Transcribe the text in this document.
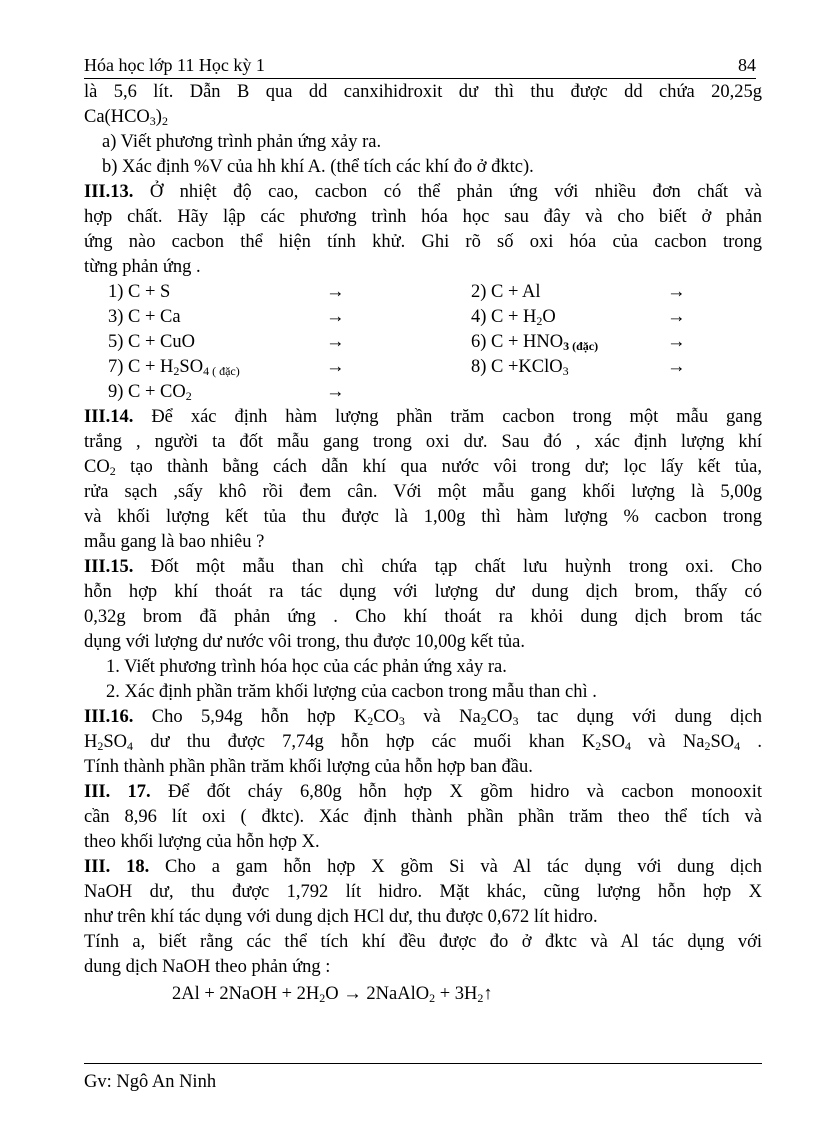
Hóa học lớp 11 Học kỳ 1	84
là 5,6 lít. Dẫn B qua dd canxihidroxit dư thì thu được dd chứa 20,25g
$Ca(HCO_3)_2$

a) Viết phương trình phản ứng xảy ra.

b) Xác định %V của hh khí A. (thể tích các khí đo ở đktc).

III.13. Ở nhiệt độ cao, cacbon có thể phản ứng với nhiều đơn chất và
hợp chất. Hãy lập các phương trình hóa học sau đây và cho biết ở phản
ứng nào cacbon thể hiện tính khử. Ghi rõ số oxi hóa của cacbon trong
từng phản ứng .
1) C + S	→	2) C + Al	→
3) C + Ca	→	4) $C + H_2O$	→
5) C + CuO	→	6) $C + HNO_{3 (đặc)}$	→
7) $C + H_2SO_{4 ( đặc)}$	→	8) C +KClO$_3$	→
9) $C + CO_2$	→
III.14. Để xác định hàm lượng phần trăm cacbon trong một mẫu gang
trắng , người ta đốt mẫu gang trong oxi dư. Sau đó , xác định lượng khí
$CO_2$ tạo thành bằng cách dẫn khí qua nước vôi trong dư; lọc lấy kết tủa,
rửa sạch ,sấy khô rồi đem cân. Với một mẫu gang khối lượng là 5,00g
và khối lượng kết tủa thu được là 1,00g thì hàm lượng % cacbon trong
mẫu gang là bao nhiêu ?
III.15. Đốt một mẫu than chì chứa tạp chất lưu huỳnh trong oxi. Cho
hỗn hợp khí thoát ra tác dụng với lượng dư dung dịch brom, thấy có
0,32g brom đã phản ứng . Cho khí thoát ra khỏi dung dịch brom tác
dụng với lượng dư nước vôi trong, thu được 10,00g kết tủa.

1. Viết phương trình hóa học của các phản ứng xảy ra.

2. Xác định phần trăm khối lượng của cacbon trong mẫu than chì .

III.16. Cho 5,94g hỗn hợp $K_2CO_3$ và $Na_2CO_3$ tac dụng với dung dịch
$H_2SO_4$ dư thu được 7,74g hỗn hợp các muối khan $K_2SO_4$ và $Na_2SO_4$ .
Tính thành phần phần trăm khối lượng của hỗn hợp ban đầu.
III. 17. Để đốt cháy 6,80g hỗn hợp X gồm hidro và cacbon monooxit
cần 8,96 lít oxi ( đktc). Xác định thành phần phần trăm theo thể tích và
theo khối lượng của hỗn hợp X.
III. 18. Cho a gam hỗn hợp X gồm Si và Al tác dụng với dung dịch
NaOH dư, thu được 1,792 lít hidro. Mặt khác, cũng lượng hỗn hợp X
như trên khí tác dụng với dung dịch HCl dư, thu được 0,672 lít hidro.
Tính a, biết rằng các thể tích khí đều được đo ở đktc và Al tác dụng với
dung dịch NaOH theo phản ứng :
2Al + 2NaOH + $2H_2O$ → 2NaAlO$_2$ + $3H_2↑$
Gv: Ngô An Ninh
